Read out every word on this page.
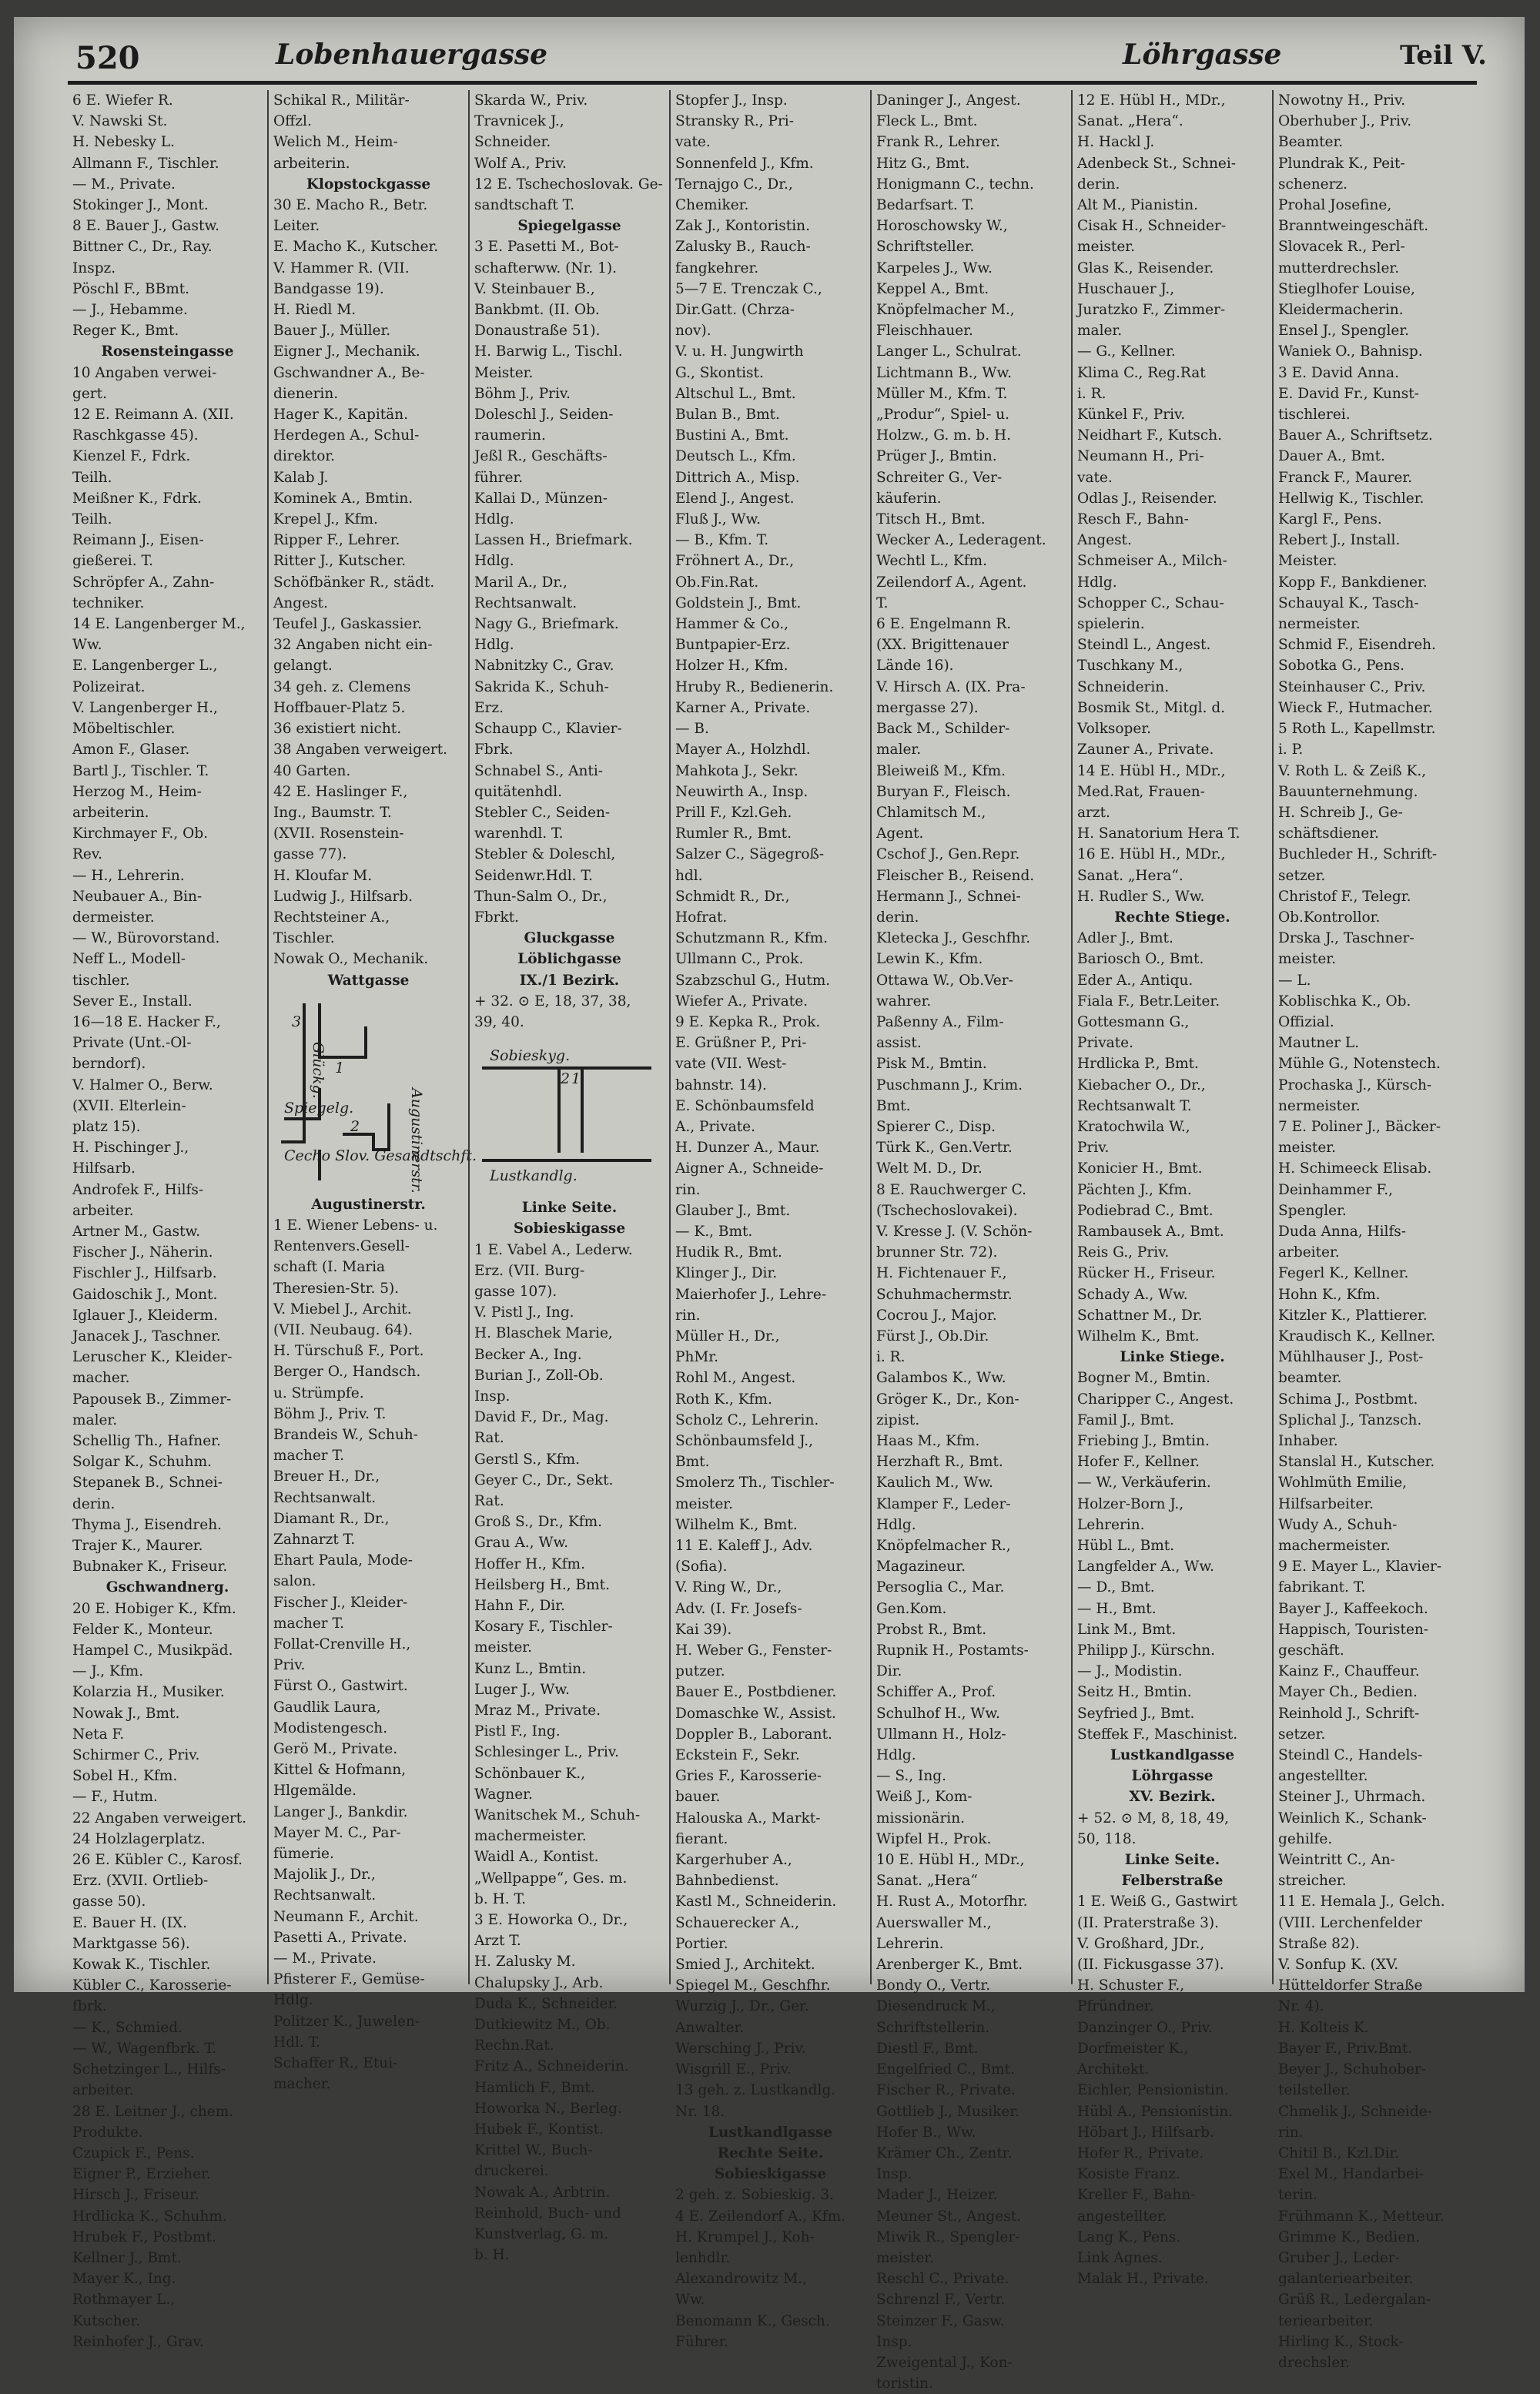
520	Lobenhauergasse	Löhrgasse	Teil V.
6 E. Wiefer R.
V. Nawski St.
H. Nebesky L.
Allmann F., Tischler.
— M., Private.
Stokinger J., Mont.
8 E. Bauer J., Gastw.
Bittner C., Dr., Ray.
Inspz.
Pöschl F., BBmt.
— J., Hebamme.
Reger K., Bmt.
Rosensteingasse
10 Angaben verwei-
gert.
12 E. Reimann A. (XII.
Raschkgasse 45).
Kienzel F., Fdrk.
Teilh.
Meißner K., Fdrk.
Teilh.
Reimann J., Eisen-
gießerei. T.
Schröpfer A., Zahn-
techniker.
14 E. Langenberger M.,
Ww.
E. Langenberger L.,
Polizeirat.
V. Langenberger H.,
Möbeltischler.
Amon F., Glaser.
Bartl J., Tischler. T.
Herzog M., Heim-
arbeiterin.
Kirchmayer F., Ob.
Rev.
— H., Lehrerin.
Neubauer A., Bin-
dermeister.
— W., Bürovorstand.
Neff L., Modell-
tischler.
Sever E., Install.
16—18 E. Hacker F.,
Private (Unt.-Ol-
berndorf).
V. Halmer O., Berw.
(XVII. Elterlein-
platz 15).
H. Pischinger J.,
Hilfsarb.
Androfek F., Hilfs-
arbeiter.
Artner M., Gastw.
Fischer J., Näherin.
Fischler J., Hilfsarb.
Gaidoschik J., Mont.
Iglauer J., Kleiderm.
Janacek J., Taschner.
Leruscher K., Kleider-
macher.
Papousek B., Zimmer-
maler.
Schellig Th., Hafner.
Solgar K., Schuhm.
Stepanek B., Schnei-
derin.
Thyma J., Eisendreh.
Trajer K., Maurer.
Bubnaker K., Friseur.
Gschwandnerg.
20 E. Hobiger K., Kfm.
Felder K., Monteur.
Hampel C., Musikpäd.
— J., Kfm.
Kolarzia H., Musiker.
Nowak J., Bmt.
Neta F.
Schirmer C., Priv.
Sobel H., Kfm.
— F., Hutm.
22 Angaben verweigert.
24 Holzlagerplatz.
26 E. Kübler C., Karosf.
Erz. (XVII. Ortlieb-
gasse 50).
E. Bauer H. (IX.
Marktgasse 56).
Kowak K., Tischler.
Kübler C., Karosserie-
fbrk.
— K., Schmied.
— W., Wagenfbrk. T.
Schetzinger L., Hilfs-
arbeiter.
28 E. Leitner J., chem.
Produkte.
Czupick F., Pens.
Eigner P., Erzieher.
Hirsch J., Friseur.
Hrdlicka K., Schuhm.
Hrubek F., Postbmt.
Kellner J., Bmt.
Mayer K., Ing.
Rothmayer L.,
Kutscher.
Reinhofer J., Grav.
Schikal R., Militär-
Offzl.
Welich M., Heim-
arbeiterin.
Klopstockgasse
30 E. Macho R., Betr.
Leiter.
E. Macho K., Kutscher.
V. Hammer R. (VII.
Bandgasse 19).
H. Riedl M.
Bauer J., Müller.
Eigner J., Mechanik.
Gschwandner A., Be-
dienerin.
Hager K., Kapitän.
Herdegen A., Schul-
direktor.
Kalab J.
Kominek A., Bmtin.
Krepel J., Kfm.
Ripper F., Lehrer.
Ritter J., Kutscher.
Schöfbänker R., städt.
Angest.
Teufel J., Gaskassier.
32 Angaben nicht ein-
gelangt.
34 geh. z. Clemens
Hoffbauer-Platz 5.
36 existiert nicht.
38 Angaben verweigert.
40 Garten.
42 E. Haslinger F.,
Ing., Baumstr. T.
(XVII. Rosenstein-
gasse 77).
H. Kloufar M.
Ludwig J., Hilfsarb.
Rechtsteiner A.,
Tischler.
Nowak O., Mechanik.
Wattgasse
Glückg.
Augustinerstr.
Spiegelg.
Cecho Slov. Gesandtschft.
3
2
1
Augustinerstr.
1 E. Wiener Lebens- u.
Rentenvers.Gesell-
schaft (I. Maria
Theresien-Str. 5).
V. Miebel J., Archit.
(VII. Neubaug. 64).
H. Türschuß F., Port.
Berger O., Handsch.
u. Strümpfe.
Böhm J., Priv. T.
Brandeis W., Schuh-
macher T.
Breuer H., Dr.,
Rechtsanwalt.
Diamant R., Dr.,
Zahnarzt T.
Ehart Paula, Mode-
salon.
Fischer J., Kleider-
macher T.
Follat-Crenville H.,
Priv.
Fürst O., Gastwirt.
Gaudlik Laura,
Modistengesch.
Gerö M., Private.
Kittel & Hofmann,
Hlgemälde.
Langer J., Bankdir.
Mayer M. C., Par-
fümerie.
Majolik J., Dr.,
Rechtsanwalt.
Neumann F., Archit.
Pasetti A., Private.
— M., Private.
Pfisterer F., Gemüse-
Hdlg.
Politzer K., Juwelen-
Hdl. T.
Schaffer R., Etui-
macher.
Skarda W., Priv.
Travnicek J.,
Schneider.
Wolf A., Priv.
12 E. Tschechoslovak. Ge-
sandtschaft T.
Spiegelgasse
3 E. Pasetti M., Bot-
schafterww. (Nr. 1).
V. Steinbauer B.,
Bankbmt. (II. Ob.
Donaustraße 51).
H. Barwig L., Tischl.
Meister.
Böhm J., Priv.
Doleschl J., Seiden-
raumerin.
Jeßl R., Geschäfts-
führer.
Kallai D., Münzen-
Hdlg.
Lassen H., Briefmark.
Hdlg.
Maril A., Dr.,
Rechtsanwalt.
Nagy G., Briefmark.
Hdlg.
Nabnitzky C., Grav.
Sakrida K., Schuh-
Erz.
Schaupp C., Klavier-
Fbrk.
Schnabel S., Anti-
quitätenhdl.
Stebler C., Seiden-
warenhdl. T.
Stebler & Doleschl,
Seidenwr.Hdl. T.
Thun-Salm O., Dr.,
Fbrkt.
Gluckgasse
Löblichgasse
IX./1 Bezirk.
+ 32. ⊙ E, 18, 37, 38,
39, 40.
Sobieskyg.
Lustkandlg.
2 1
Linke Seite.
Sobieskigasse
1 E. Vabel A., Lederw.
Erz. (VII. Burg-
gasse 107).
V. Pistl J., Ing.
H. Blaschek Marie,
Becker A., Ing.
Burian J., Zoll-Ob.
Insp.
David F., Dr., Mag.
Rat.
Gerstl S., Kfm.
Geyer C., Dr., Sekt.
Rat.
Groß S., Dr., Kfm.
Grau A., Ww.
Hoffer H., Kfm.
Heilsberg H., Bmt.
Hahn F., Dir.
Kosary F., Tischler-
meister.
Kunz L., Bmtin.
Luger J., Ww.
Mraz M., Private.
Pistl F., Ing.
Schlesinger L., Priv.
Schönbauer K.,
Wagner.
Wanitschek M., Schuh-
machermeister.
Waidl A., Kontist.
„Wellpappe“, Ges. m.
b. H. T.
3 E. Howorka O., Dr.,
Arzt T.
H. Zalusky M.
Chalupsky J., Arb.
Duda K., Schneider.
Dutkiewitz M., Ob.
Rechn.Rat.
Fritz A., Schneiderin.
Hamlich F., Bmt.
Howorka N., Berleg.
Hubek F., Kontist.
Krittel W., Buch-
druckerei.
Nowak A., Arbtrin.
Reinhold, Buch- und
Kunstverlag, G. m.
b. H.
Stopfer J., Insp.
Stransky R., Pri-
vate.
Sonnenfeld J., Kfm.
Ternajgo C., Dr.,
Chemiker.
Zak J., Kontoristin.
Zalusky B., Rauch-
fangkehrer.
5—7 E. Trenczak C.,
Dir.Gatt. (Chrza-
nov).
V. u. H. Jungwirth
G., Skontist.
Altschul L., Bmt.
Bulan B., Bmt.
Bustini A., Bmt.
Deutsch L., Kfm.
Dittrich A., Misp.
Elend J., Angest.
Fluß J., Ww.
— B., Kfm. T.
Fröhnert A., Dr.,
Ob.Fin.Rat.
Goldstein J., Bmt.
Hammer & Co.,
Buntpapier-Erz.
Holzer H., Kfm.
Hruby R., Bedienerin.
Karner A., Private.
— B.
Mayer A., Holzhdl.
Mahkota J., Sekr.
Neuwirth A., Insp.
Prill F., Kzl.Geh.
Rumler R., Bmt.
Salzer C., Sägegroß-
hdl.
Schmidt R., Dr.,
Hofrat.
Schutzmann R., Kfm.
Ullmann C., Prok.
Szabzschul G., Hutm.
Wiefer A., Private.
9 E. Kepka R., Prok.
E. Grüßner P., Pri-
vate (VII. West-
bahnstr. 14).
E. Schönbaumsfeld
A., Private.
H. Dunzer A., Maur.
Aigner A., Schneide-
rin.
Glauber J., Bmt.
— K., Bmt.
Hudik R., Bmt.
Klinger J., Dir.
Maierhofer J., Lehre-
rin.
Müller H., Dr.,
PhMr.
Rohl M., Angest.
Roth K., Kfm.
Scholz C., Lehrerin.
Schönbaumsfeld J.,
Bmt.
Smolerz Th., Tischler-
meister.
Wilhelm K., Bmt.
11 E. Kaleff J., Adv.
(Sofia).
V. Ring W., Dr.,
Adv. (I. Fr. Josefs-
Kai 39).
H. Weber G., Fenster-
putzer.
Bauer E., Postbdiener.
Domaschke W., Assist.
Doppler B., Laborant.
Eckstein F., Sekr.
Gries F., Karosserie-
bauer.
Halouska A., Markt-
fierant.
Kargerhuber A.,
Bahnbedienst.
Kastl M., Schneiderin.
Schauerecker A.,
Portier.
Smied J., Architekt.
Spiegel M., Geschfhr.
Wurzig J., Dr., Ger.
Anwalter.
Wersching J., Priv.
Wisgrill E., Priv.
13 geh. z. Lustkandlg.
Nr. 18.
Lustkandlgasse
Rechte Seite.
Sobieskigasse
2 geh. z. Sobieskig. 3.
4 E. Zeilendorf A., Kfm.
H. Krumpel J., Koh-
lenhdlr.
Alexandrowitz M.,
Ww.
Benomann K., Gesch.
Führer.
Daninger J., Angest.
Fleck L., Bmt.
Frank R., Lehrer.
Hitz G., Bmt.
Honigmann C., techn.
Bedarfsart. T.
Horoschowsky W.,
Schriftsteller.
Karpeles J., Ww.
Keppel A., Bmt.
Knöpfelmacher M.,
Fleischhauer.
Langer L., Schulrat.
Lichtmann B., Ww.
Müller M., Kfm. T.
„Produr“, Spiel- u.
Holzw., G. m. b. H.
Prüger J., Bmtin.
Schreiter G., Ver-
käuferin.
Titsch H., Bmt.
Wecker A., Lederagent.
Wechtl L., Kfm.
Zeilendorf A., Agent.
T.
6 E. Engelmann R.
(XX. Brigittenauer
Lände 16).
V. Hirsch A. (IX. Pra-
mergasse 27).
Back M., Schilder-
maler.
Bleiweiß M., Kfm.
Buryan F., Fleisch.
Chlamitsch M.,
Agent.
Cschof J., Gen.Repr.
Fleischer B., Reisend.
Hermann J., Schnei-
derin.
Kletecka J., Geschfhr.
Lewin K., Kfm.
Ottawa W., Ob.Ver-
wahrer.
Paßenny A., Film-
assist.
Pisk M., Bmtin.
Puschmann J., Krim.
Bmt.
Spierer C., Disp.
Türk K., Gen.Vertr.
Welt M. D., Dr.
8 E. Rauchwerger C.
(Tschechoslovakei).
V. Kresse J. (V. Schön-
brunner Str. 72).
H. Fichtenauer F.,
Schuhmachermstr.
Cocrou J., Major.
Fürst J., Ob.Dir.
i. R.
Galambos K., Ww.
Gröger K., Dr., Kon-
zipist.
Haas M., Kfm.
Herzhaft R., Bmt.
Kaulich M., Ww.
Klamper F., Leder-
Hdlg.
Knöpfelmacher R.,
Magazineur.
Persoglia C., Mar.
Gen.Kom.
Probst R., Bmt.
Rupnik H., Postamts-
Dir.
Schiffer A., Prof.
Schulhof H., Ww.
Ullmann H., Holz-
Hdlg.
— S., Ing.
Weiß J., Kom-
missionärin.
Wipfel H., Prok.
10 E. Hübl H., MDr.,
Sanat. „Hera“
H. Rust A., Motorfhr.
Auerswaller M.,
Lehrerin.
Arenberger K., Bmt.
Bondy O., Vertr.
Diesendruck M.,
Schriftstellerin.
Diestl F., Bmt.
Engelfried C., Bmt.
Fischer R., Private.
Gottlieb J., Musiker.
Hofer B., Ww.
Krämer Ch., Zentr.
Insp.
Mader J., Heizer.
Meuner St., Angest.
Miwik R., Spengler-
meister.
Reschl C., Private.
Schrenzl F., Vertr.
Steinzer F., Gasw.
Insp.
Zweigental J., Kon-
toristin.
12 E. Hübl H., MDr.,
Sanat. „Hera“.
H. Hackl J.
Adenbeck St., Schnei-
derin.
Alt M., Pianistin.
Cisak H., Schneider-
meister.
Glas K., Reisender.
Huschauer J.,
Juratzko F., Zimmer-
maler.
— G., Kellner.
Klima C., Reg.Rat
i. R.
Künkel F., Priv.
Neidhart F., Kutsch.
Neumann H., Pri-
vate.
Odlas J., Reisender.
Resch F., Bahn-
Angest.
Schmeiser A., Milch-
Hdlg.
Schopper C., Schau-
spielerin.
Steindl L., Angest.
Tuschkany M.,
Schneiderin.
Bosmik St., Mitgl. d.
Volksoper.
Zauner A., Private.
14 E. Hübl H., MDr.,
Med.Rat, Frauen-
arzt.
H. Sanatorium Hera T.
16 E. Hübl H., MDr.,
Sanat. „Hera“.
H. Rudler S., Ww.
Rechte Stiege.
Adler J., Bmt.
Bariosch O., Bmt.
Eder A., Antiqu.
Fiala F., Betr.Leiter.
Gottesmann G.,
Private.
Hrdlicka P., Bmt.
Kiebacher O., Dr.,
Rechtsanwalt T.
Kratochwila W.,
Priv.
Konicier H., Bmt.
Pächten J., Kfm.
Podiebrad C., Bmt.
Rambausek A., Bmt.
Reis G., Priv.
Rücker H., Friseur.
Schady A., Ww.
Schattner M., Dr.
Wilhelm K., Bmt.
Linke Stiege.
Bogner M., Bmtin.
Charipper C., Angest.
Famil J., Bmt.
Friebing J., Bmtin.
Hofer F., Kellner.
— W., Verkäuferin.
Holzer-Born J.,
Lehrerin.
Hübl L., Bmt.
Langfelder A., Ww.
— D., Bmt.
— H., Bmt.
Link M., Bmt.
Philipp J., Kürschn.
— J., Modistin.
Seitz H., Bmtin.
Seyfried J., Bmt.
Steffek F., Maschinist.
Lustkandlgasse
Löhrgasse
XV. Bezirk.
+ 52. ⊙ M, 8, 18, 49,
50, 118.
Linke Seite.
Felberstraße
1 E. Weiß G., Gastwirt
(II. Praterstraße 3).
V. Großhard, JDr.,
(II. Fickusgasse 37).
H. Schuster F.,
Pfründner.
Danzinger O., Priv.
Dorfmeister K.,
Architekt.
Eichler, Pensionistin.
Hübl A., Pensionistin.
Höbart J., Hilfsarb.
Hofer R., Private.
Kosiste Franz.
Kreller F., Bahn-
angestellter.
Lang K., Pens.
Link Agnes.
Malak H., Private.
Nowotny H., Priv.
Oberhuber J., Priv.
Beamter.
Plundrak K., Peit-
schenerz.
Prohal Josefine,
Branntweingeschäft.
Slovacek R., Perl-
mutterdrechsler.
Stieglhofer Louise,
Kleidermacherin.
Ensel J., Spengler.
Waniek O., Bahnisp.
3 E. David Anna.
E. David Fr., Kunst-
tischlerei.
Bauer A., Schriftsetz.
Dauer A., Bmt.
Franck F., Maurer.
Hellwig K., Tischler.
Kargl F., Pens.
Rebert J., Install.
Meister.
Kopp F., Bankdiener.
Schauyal K., Tasch-
nermeister.
Schmid F., Eisendreh.
Sobotka G., Pens.
Steinhauser C., Priv.
Wieck F., Hutmacher.
5 Roth L., Kapellmstr.
i. P.
V. Roth L. & Zeiß K.,
Bauunternehmung.
H. Schreib J., Ge-
schäftsdiener.
Buchleder H., Schrift-
setzer.
Christof F., Telegr.
Ob.Kontrollor.
Drska J., Taschner-
meister.
— L.
Koblischka K., Ob.
Offizial.
Mautner L.
Mühle G., Notenstech.
Prochaska J., Kürsch-
nermeister.
7 E. Poliner J., Bäcker-
meister.
H. Schimeeck Elisab.
Deinhammer F.,
Spengler.
Duda Anna, Hilfs-
arbeiter.
Fegerl K., Kellner.
Hohn K., Kfm.
Kitzler K., Plattierer.
Kraudisch K., Kellner.
Mühlhauser J., Post-
beamter.
Schima J., Postbmt.
Splichal J., Tanzsch.
Inhaber.
Stanslal H., Kutscher.
Wohlmüth Emilie,
Hilfsarbeiter.
Wudy A., Schuh-
machermeister.
9 E. Mayer L., Klavier-
fabrikant. T.
Bayer J., Kaffeekoch.
Happisch, Touristen-
geschäft.
Kainz F., Chauffeur.
Mayer Ch., Bedien.
Reinhold J., Schrift-
setzer.
Steindl C., Handels-
angestellter.
Steiner J., Uhrmach.
Weinlich K., Schank-
gehilfe.
Weintritt C., An-
streicher.
11 E. Hemala J., Gelch.
(VIII. Lerchenfelder
Straße 82).
V. Sonfup K. (XV.
Hütteldorfer Straße
Nr. 4).
H. Kolteis K.
Bayer F., Priv.Bmt.
Beyer J., Schuhober-
teilsteller.
Chmelik J., Schneide-
rin.
Chitil B., Kzl.Dir.
Exel M., Handarbei-
terin.
Frühmann K., Metteur.
Grimme K., Bedien.
Gruber J., Leder-
galanteriearbeiter.
Grüß R., Ledergalan-
teriearbeiter.
Hirling K., Stock-
drechsler.
